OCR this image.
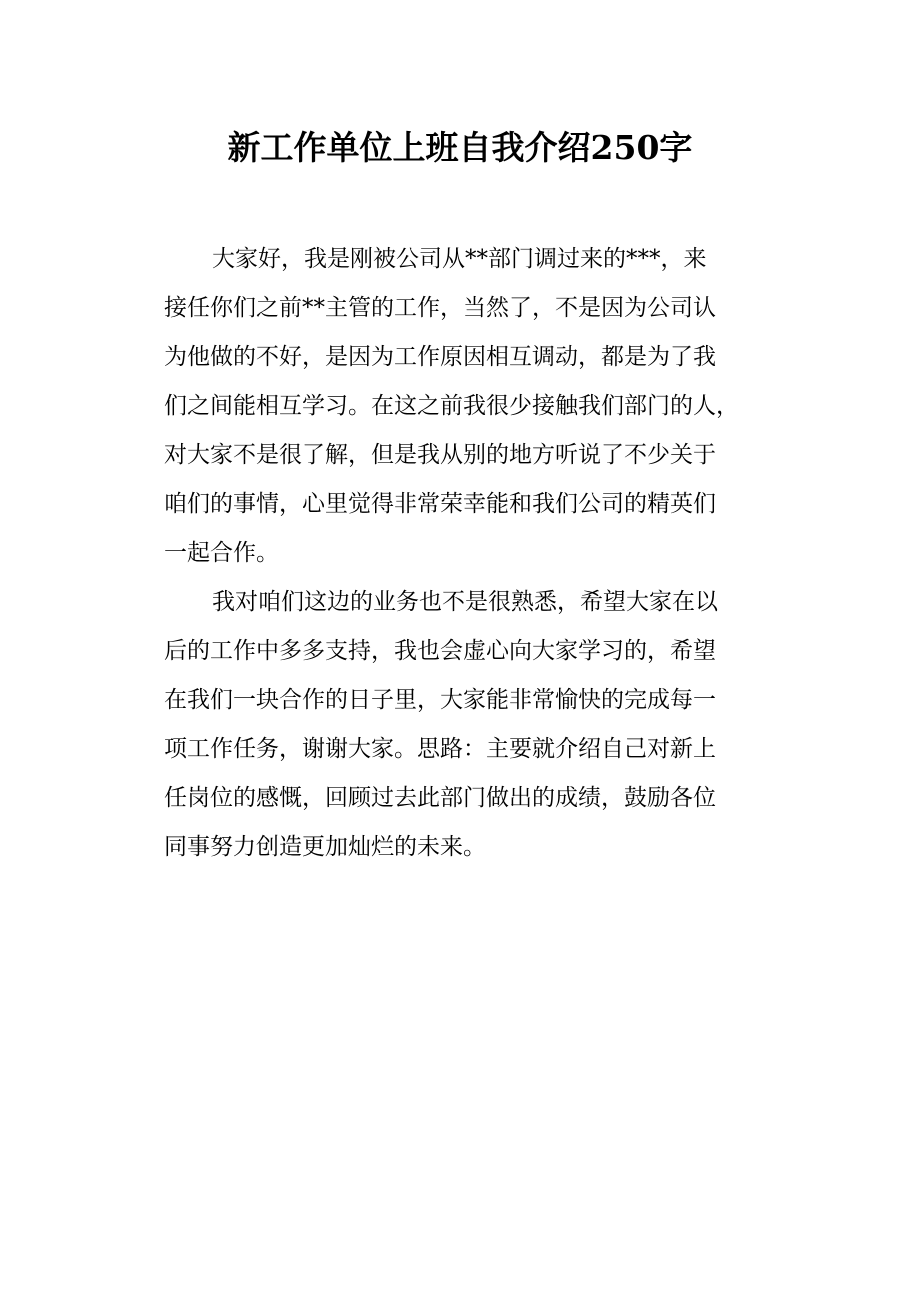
新工作单位上班自我介绍250字
大家好，我是刚被公司从**部门调过来的***，来
接任你们之前**主管的工作，当然了，不是因为公司认
为他做的不好，是因为工作原因相互调动，都是为了我
们之间能相互学习。在这之前我很少接触我们部门的人，
对大家不是很了解，但是我从别的地方听说了不少关于
咱们的事情，心里觉得非常荣幸能和我们公司的精英们
一起合作。
我对咱们这边的业务也不是很熟悉，希望大家在以
后的工作中多多支持，我也会虚心向大家学习的，希望
在我们一块合作的日子里，大家能非常愉快的完成每一
项工作任务，谢谢大家。思路：主要就介绍自己对新上
任岗位的感慨，回顾过去此部门做出的成绩，鼓励各位
同事努力创造更加灿烂的未来。
